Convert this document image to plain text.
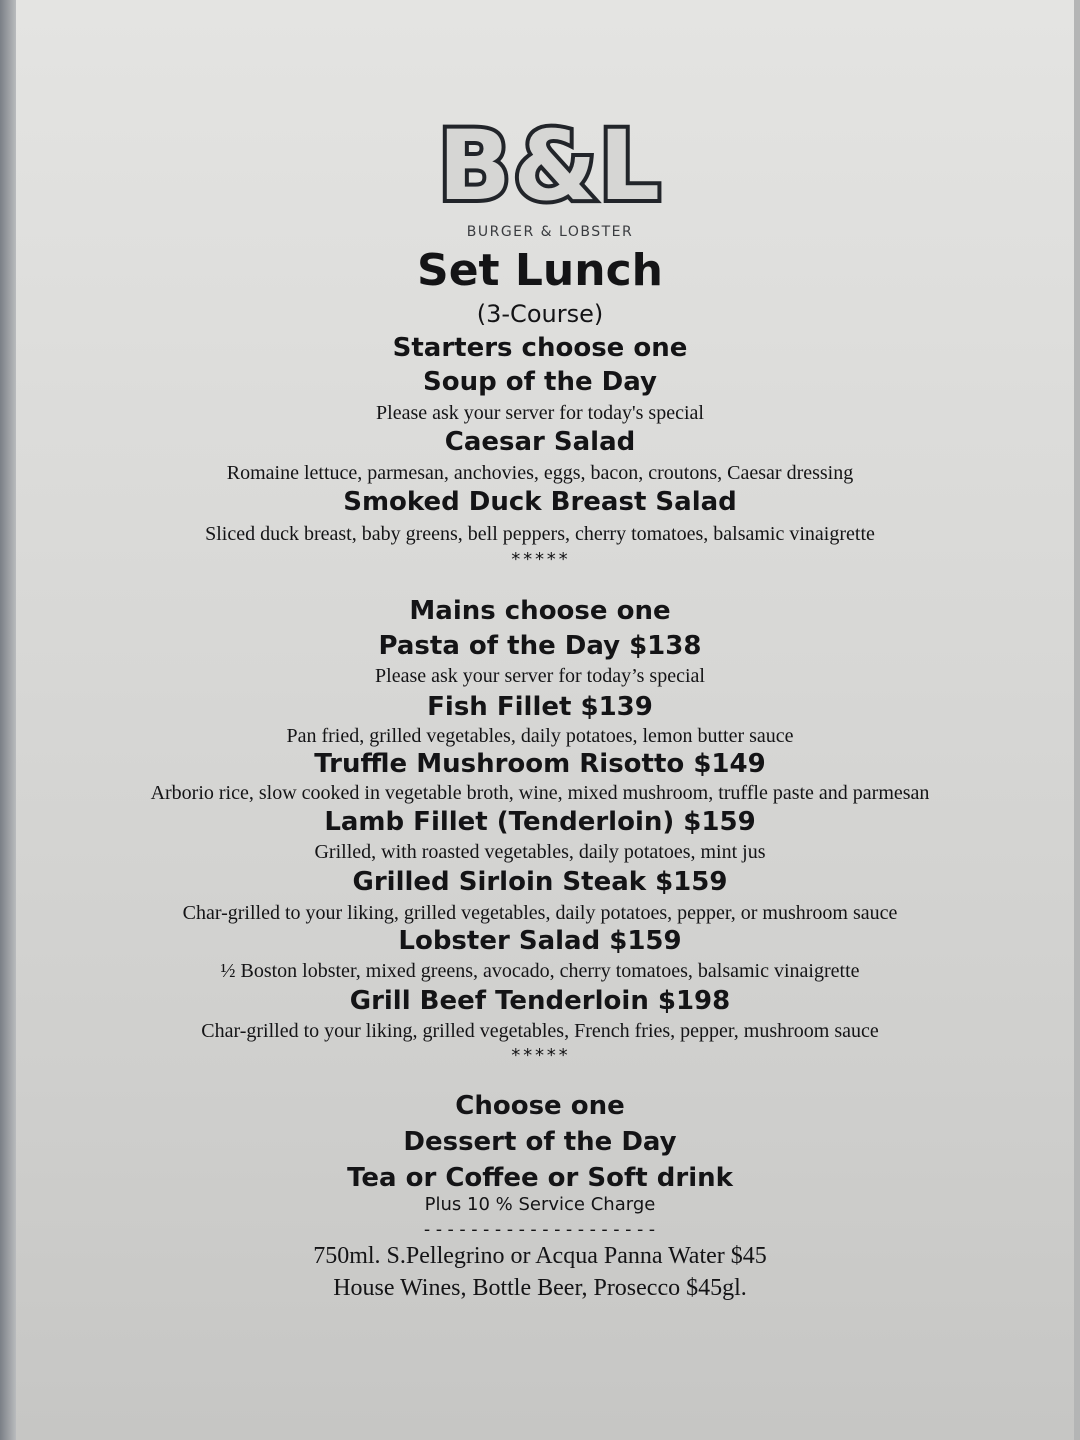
B&L
BURGER & LOBSTER
Set Lunch
(3-Course)
Starters choose one
Soup of the Day
Please ask your server for today's special
Caesar Salad
Romaine lettuce, parmesan, anchovies, eggs, bacon, croutons, Caesar dressing
Smoked Duck Breast Salad
Sliced duck breast, baby greens, bell peppers, cherry tomatoes, balsamic vinaigrette
*****
Mains choose one
Pasta of the Day $138
Please ask your server for today’s special
Fish Fillet $139
Pan fried, grilled vegetables, daily potatoes, lemon butter sauce
Truffle Mushroom Risotto $149
Arborio rice, slow cooked in vegetable broth, wine, mixed mushroom, truffle paste and parmesan
Lamb Fillet (Tenderloin) $159
Grilled, with roasted vegetables, daily potatoes, mint jus
Grilled Sirloin Steak $159
Char-grilled to your liking, grilled vegetables, daily potatoes, pepper, or mushroom sauce
Lobster Salad $159
½ Boston lobster, mixed greens, avocado, cherry tomatoes, balsamic vinaigrette
Grill Beef Tenderloin $198
Char-grilled to your liking, grilled vegetables, French fries, pepper, mushroom sauce
*****
Choose one
Dessert of the Day
Tea or Coffee or Soft drink
Plus 10 % Service Charge
--------------------
750ml. S.Pellegrino or Acqua Panna Water $45
House Wines, Bottle Beer, Prosecco $45gl.
